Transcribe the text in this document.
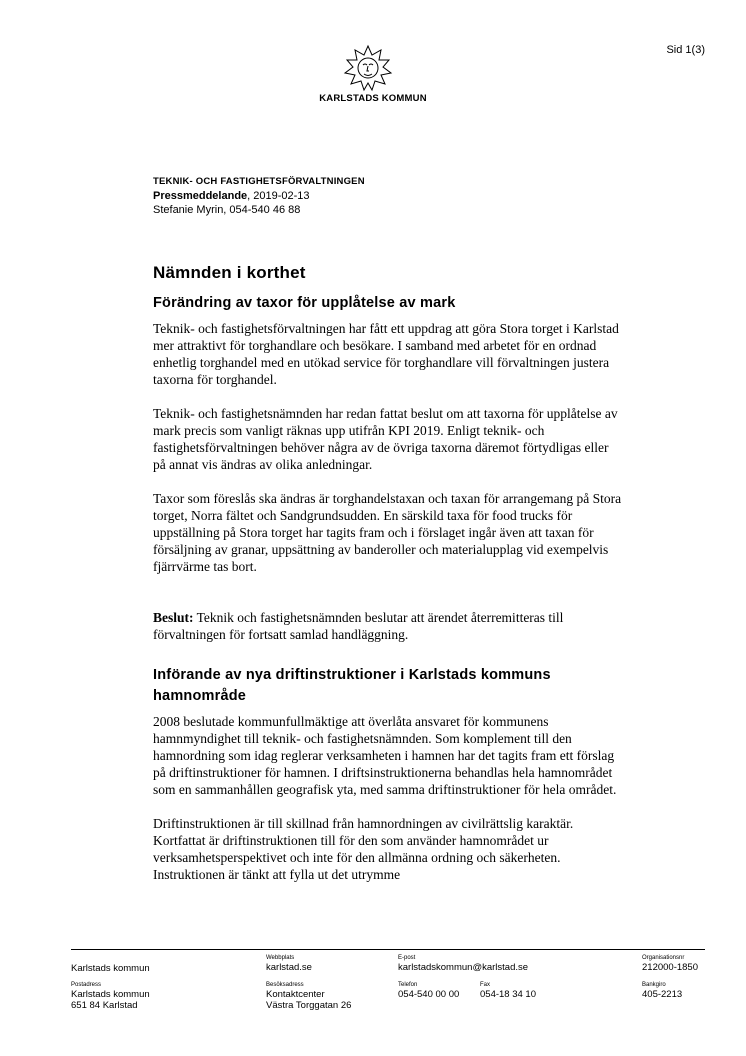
Sid 1(3)
KARLSTADS KOMMUN
TEKNIK- OCH FASTIGHETSFÖRVALTNINGEN
Pressmeddelande, 2019-02-13
Stefanie Myrin, 054-540 46 88
Nämnden i korthet
Förändring av taxor för upplåtelse av mark

Teknik- och fastighetsförvaltningen har fått ett uppdrag att göra Stora torget i Karlstad mer attraktivt för torghandlare och besökare. I samband med arbetet för en ordnad enhetlig torghandel med en utökad service för torghandlare vill förvaltningen justera taxorna för torghandel.

Teknik- och fastighetsnämnden har redan fattat beslut om att taxorna för upplåtelse av mark precis som vanligt räknas upp utifrån KPI 2019. Enligt teknik- och fastighetsförvaltningen behöver några av de övriga taxorna däremot förtydligas eller på annat vis ändras av olika anledningar.

Taxor som föreslås ska ändras är torghandelstaxan och taxan för arrangemang på Stora torget, Norra fältet och Sandgrundsudden. En särskild taxa för food trucks för uppställning på Stora torget har tagits fram och i förslaget ingår även att taxan för försäljning av granar, uppsättning av banderoller och materialupplag vid exempelvis fjärrvärme tas bort.

Beslut: Teknik och fastighetsnämnden beslutar att ärendet återremitteras till förvaltningen för fortsatt samlad handläggning.

Införande av nya driftinstruktioner i Karlstads kommuns hamnområde

2008 beslutade kommunfullmäktige att överlåta ansvaret för kommunens hamnmyndighet till teknik- och fastighetsnämnden. Som komplement till den hamnordning som idag reglerar verksamheten i hamnen har det tagits fram ett förslag på driftinstruktioner för hamnen. I driftsinstruktionerna behandlas hela hamnområdet som en sammanhållen geografisk yta, med samma driftinstruktioner för hela området.

Driftinstruktionen är till skillnad från hamnordningen av civilrättslig karaktär. Kortfattat är driftinstruktionen till för den som använder hamnområdet ur verksamhetsperspektivet och inte för den allmänna ordning och säkerheten. Instruktionen är tänkt att fylla ut det utrymme

Karlstads kommun
Webbplats
karlstad.se
E-post
karlstadskommun@karlstad.se
Organisationsnr
212000-1850
Postadress
Karlstads kommun
651 84 Karlstad
Besöksadress
Kontaktcenter
Västra Torggatan 26
Telefon
054-540 00 00
Fax
054-18 34 10
Bankgiro
405-2213
